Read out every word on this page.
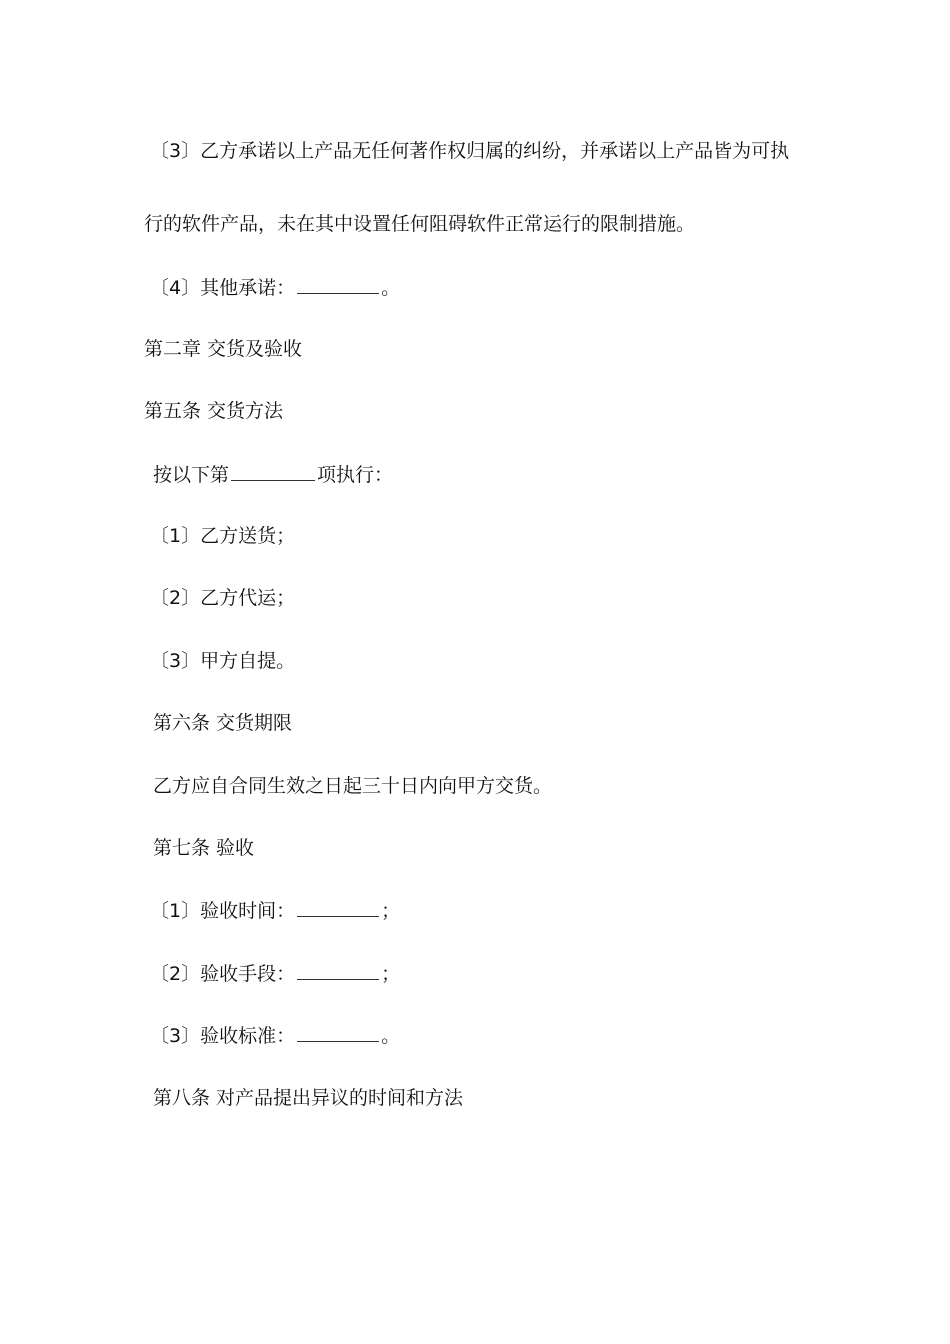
〔3〕乙方承诺以上产品无任何著作权归属的纠纷，并承诺以上产品皆为可执
行的软件产品，未在其中设置任何阻碍软件正常运行的限制措施。
〔4〕其他承诺：	。
第二章 交货及验收
第五条 交货方法
按以下第	项执行：
〔1〕乙方送货；
〔2〕乙方代运；
〔3〕甲方自提。
第六条 交货期限
乙方应自合同生效之日起三十日内向甲方交货。
第七条 验收
〔1〕验收时间：	；
〔2〕验收手段：	；
〔3〕验收标准：	。
第八条 对产品提出异议的时间和方法
